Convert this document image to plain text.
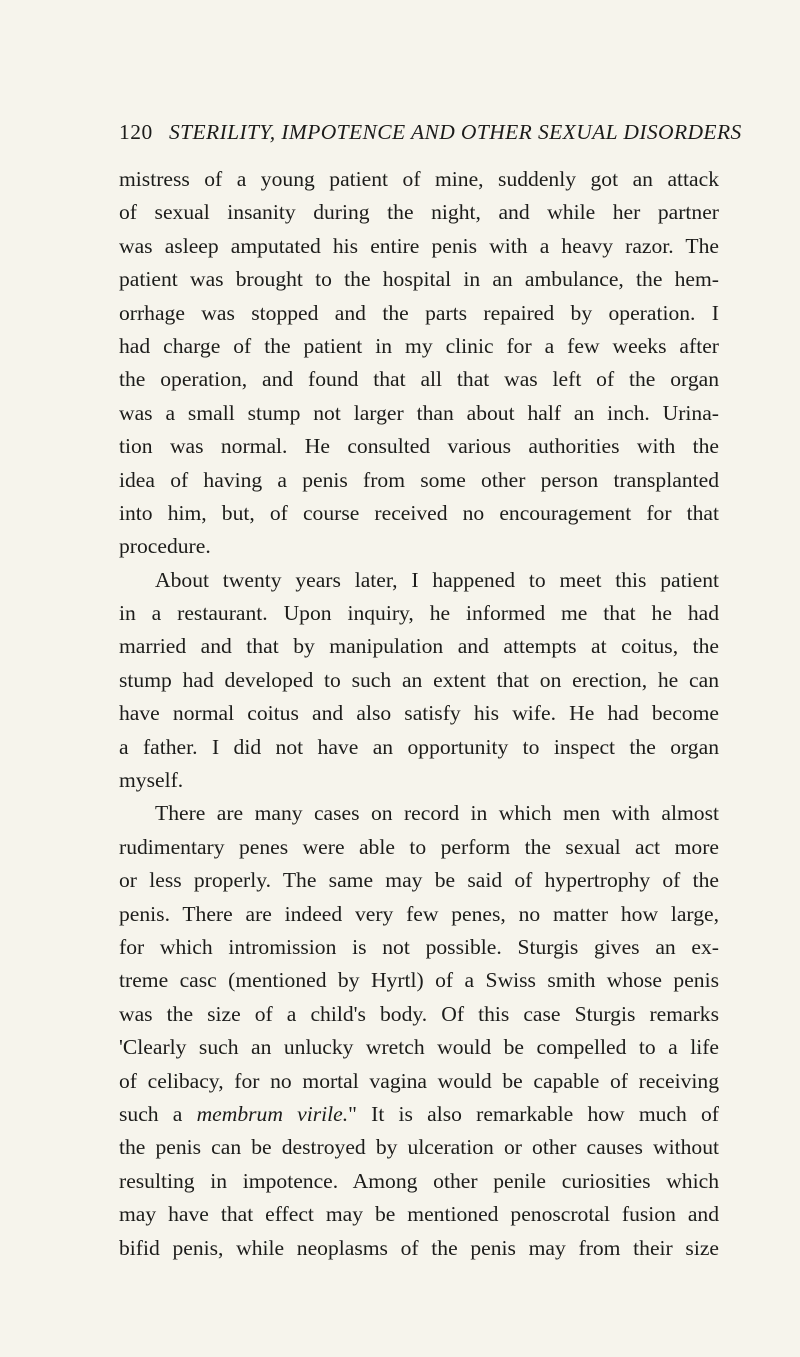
120 STERILITY, IMPOTENCE AND OTHER SEXUAL DISORDERS
mistress of a young patient of mine, suddenly got an attack
of sexual insanity during the night, and while her partner
was asleep amputated his entire penis with a heavy razor. The
patient was brought to the hospital in an ambulance, the hem-
orrhage was stopped and the parts repaired by operation. I
had charge of the patient in my clinic for a few weeks after
the operation, and found that all that was left of the organ
was a small stump not larger than about half an inch. Urina-
tion was normal. He consulted various authorities with the
idea of having a penis from some other person transplanted
into him, but, of course received no encouragement for that
procedure.
About twenty years later, I happened to meet this patient
in a restaurant. Upon inquiry, he informed me that he had
married and that by manipulation and attempts at coitus, the
stump had developed to such an extent that on erection, he can
have normal coitus and also satisfy his wife. He had become
a father. I did not have an opportunity to inspect the organ
myself.
There are many cases on record in which men with almost
rudimentary penes were able to perform the sexual act more
or less properly. The same may be said of hypertrophy of the
penis. There are indeed very few penes, no matter how large,
for which intromission is not possible. Sturgis gives an ex-
treme casc (mentioned by Hyrtl) of a Swiss smith whose penis
was the size of a child's body. Of this case Sturgis remarks
'Clearly such an unlucky wretch would be compelled to a life
of celibacy, for no mortal vagina would be capable of receiving
such a membrum virile." It is also remarkable how much of
the penis can be destroyed by ulceration or other causes without
resulting in impotence. Among other penile curiosities which
may have that effect may be mentioned penoscrotal fusion and
bifid penis, while neoplasms of the penis may from their size
